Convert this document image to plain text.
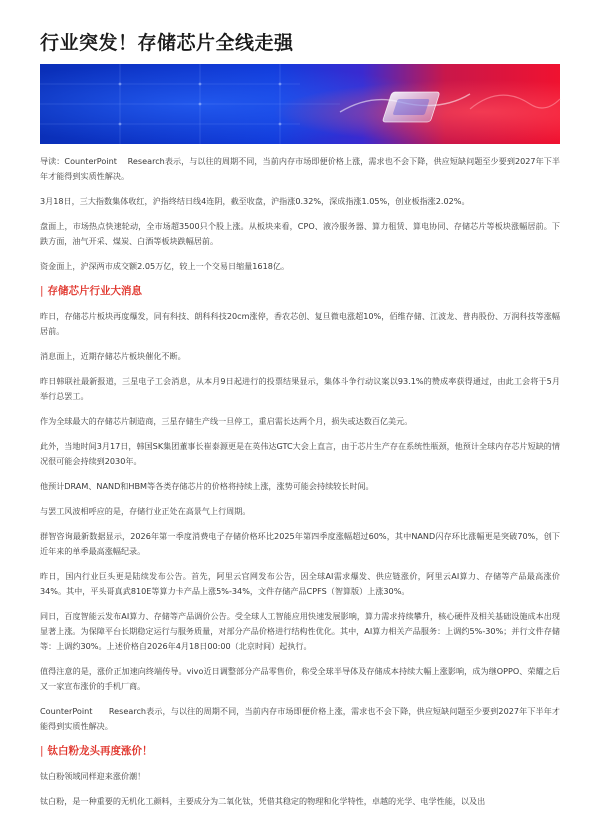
行业突发！存储芯片全线走强

导读：CounterPoint　 Research表示，与以往的周期不同，当前内存市场即便价格上涨，需求也不会下降，供应短缺问题至少要到2027年下半年才能得到实质性解决。

3月18日，三大指数集体收红，沪指终结日线4连阴，截至收盘，沪指涨0.32%，深成指涨1.05%，创业板指涨2.02%。

盘面上，市场热点快速轮动，全市场超3500只个股上涨。从板块来看，CPO、液冷服务器、算力租赁、算电协同、存储芯片等板块涨幅居前。下跌方面，油气开采、煤炭、白酒等板块跌幅居前。

资金面上，沪深两市成交额2.05万亿，较上一个交易日缩量1618亿。

| 存储芯片行业大消息

昨日，存储芯片板块再度爆发，同有科技、朗科科技20cm涨停，香农芯创、复旦微电涨超10%，佰维存储、江波龙、普冉股份、万润科技等涨幅居前。

消息面上，近期存储芯片板块催化不断。

昨日韩联社最新报道，三星电子工会消息，从本月9日起进行的投票结果显示，集体斗争行动议案以93.1%的赞成率获得通过，由此工会将于5月举行总罢工。

作为全球最大的存储芯片制造商，三星存储生产线一旦停工，重启需长达两个月，损失或达数百亿美元。

此外，当地时间3月17日，韩国SK集团董事长崔泰源更是在英伟达GTC大会上直言，由于芯片生产存在系统性瓶颈，他预计全球内存芯片短缺的情况很可能会持续到2030年。

他预计DRAM、NAND和HBM等各类存储芯片的价格将持续上涨，涨势可能会持续较长时间。

与罢工风波相呼应的是，存储行业正处在高景气上行周期。

群智咨询最新数据显示，2026年第一季度消费电子存储价格环比2025年第四季度涨幅超过60%，其中NAND闪存环比涨幅更是突破70%，创下近年来的单季最高涨幅纪录。

昨日，国内行业巨头更是陆续发布公告。首先，阿里云官网发布公告，因全球AI需求爆发、供应链涨价，阿里云AI算力、存储等产品最高涨价34%。其中，平头哥真武810E等算力卡产品上涨5%-34%，文件存储产品CPFS（智算版）上涨30%。

同日，百度智能云发布AI算力、存储等产品调价公告。受全球人工智能应用快速发展影响，算力需求持续攀升，核心硬件及相关基础设施成本出现显著上涨。为保障平台长期稳定运行与服务质量，对部分产品价格进行结构性优化。其中，AI算力相关产品服务：上调约5%-30%；并行文件存储等：上调约30%。上述价格自2026年4月18日00:00（北京时间）起执行。

值得注意的是，涨价正加速向终端传导。vivo近日调整部分产品零售价，称受全球半导体及存储成本持续大幅上涨影响，成为继OPPO、荣耀之后又一家宣布涨价的手机厂商。

CounterPoint　　Research表示，与以往的周期不同，当前内存市场即便价格上涨，需求也不会下降，供应短缺问题至少要到2027年下半年才能得到实质性解决。

| 钛白粉龙头再度涨价！

钛白粉领域同样迎来涨价潮！

钛白粉，是一种重要的无机化工颜料，主要成分为二氧化钛，凭借其稳定的物理和化学特性，卓越的光学、电学性能，以及出
